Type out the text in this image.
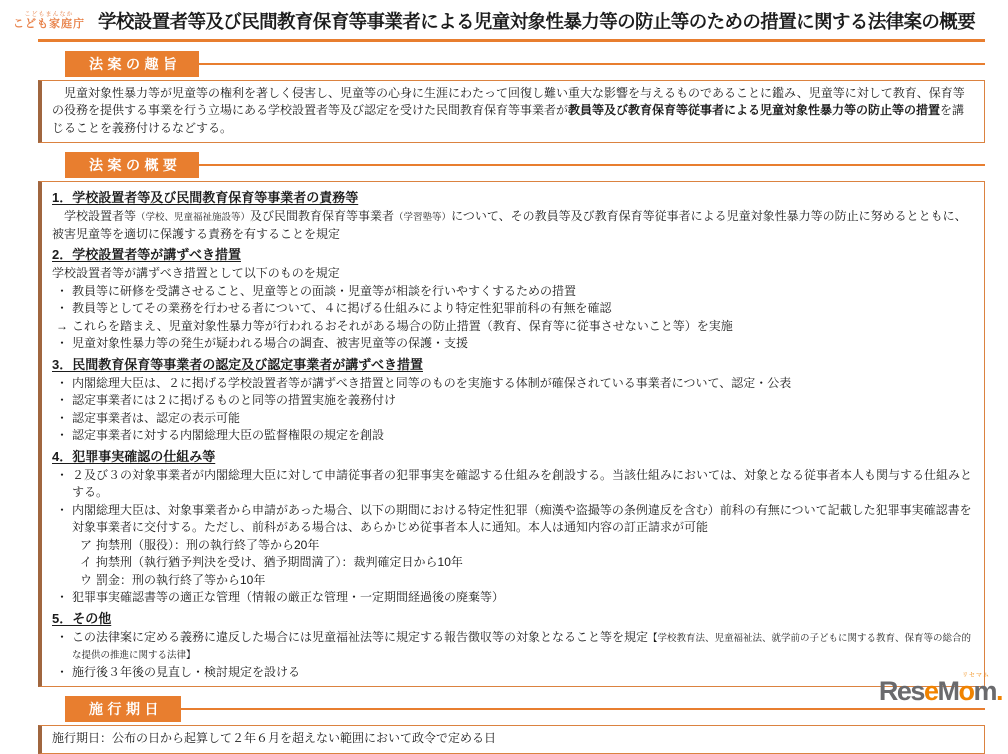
こどもまんなか
こども家庭庁 学校設置者等及び民間教育保育等事業者による児童対象性暴力等の防止等のための措置に関する法律案の概要
法案の趣旨
　児童対象性暴力等が児童等の権利を著しく侵害し、児童等の心身に生涯にわたって回復し難い重大な影響を与えるものであることに鑑み、児童等に対して教育、保育等の役務を提供する事業を行う立場にある学校設置者等及び認定を受けた民間教育保育等事業者が教員等及び教育保育等従事者による児童対象性暴力等の防止等の措置を講じることを義務付けるなどする。
法案の概要
1．学校設置者等及び民間教育保育等事業者の責務等
　学校設置者等（学校、児童福祉施設等）及び民間教育保育等事業者（学習塾等）について、その教員等及び教育保育等従事者による児童対象性暴力等の防止に努めるとともに、被害児童等を適切に保護する責務を有することを規定
2．学校設置者等が講ずべき措置
学校設置者等が講ずべき措置として以下のものを規定
・ 教員等に研修を受講させること、児童等との面談・児童等が相談を行いやすくするための措置
・ 教員等としてその業務を行わせる者について、４に掲げる仕組みにより特定性犯罪前科の有無を確認
→ これらを踏まえ、児童対象性暴力等が行われるおそれがある場合の防止措置（教育、保育等に従事させないこと等）を実施
・ 児童対象性暴力等の発生が疑われる場合の調査、被害児童等の保護・支援
3．民間教育保育等事業者の認定及び認定事業者が講ずべき措置
・ 内閣総理大臣は、２に掲げる学校設置者等が講ずべき措置と同等のものを実施する体制が確保されている事業者について、認定・公表
・ 認定事業者には２に掲げるものと同等の措置実施を義務付け
・ 認定事業者は、認定の表示可能
・ 認定事業者に対する内閣総理大臣の監督権限の規定を創設
4．犯罪事実確認の仕組み等
・ ２及び３の対象事業者が内閣総理大臣に対して申請従事者の犯罪事実を確認する仕組みを創設する。当該仕組みにおいては、対象となる従事者本人も関与する仕組みとする。
・ 内閣総理大臣は、対象事業者から申請があった場合、以下の期間における特定性犯罪（痴漢や盗撮等の条例違反を含む）前科の有無について記載した犯罪事実確認書を対象事業者に交付する。ただし、前科がある場合は、あらかじめ従事者本人に通知。本人は通知内容の訂正請求が可能
ア 拘禁刑（服役）：刑の執行終了等から20年
イ 拘禁刑（執行猶予判決を受け、猶予期間満了）：裁判確定日から10年
ウ 罰金：刑の執行終了等から10年
・ 犯罪事実確認書等の適正な管理（情報の厳正な管理・一定期間経過後の廃棄等）
5．その他
・ この法律案に定める義務に違反した場合には児童福祉法等に規定する報告徴収等の対象となること等を規定【学校教育法、児童福祉法、就学前の子どもに関する教育、保育等の総合的な提供の推進に関する法律】
・ 施行後３年後の見直し・検討規定を設ける
施行期日
施行期日：公布の日から起算して２年６月を超えない範囲において政令で定める日
リセマム
ReseMom.
